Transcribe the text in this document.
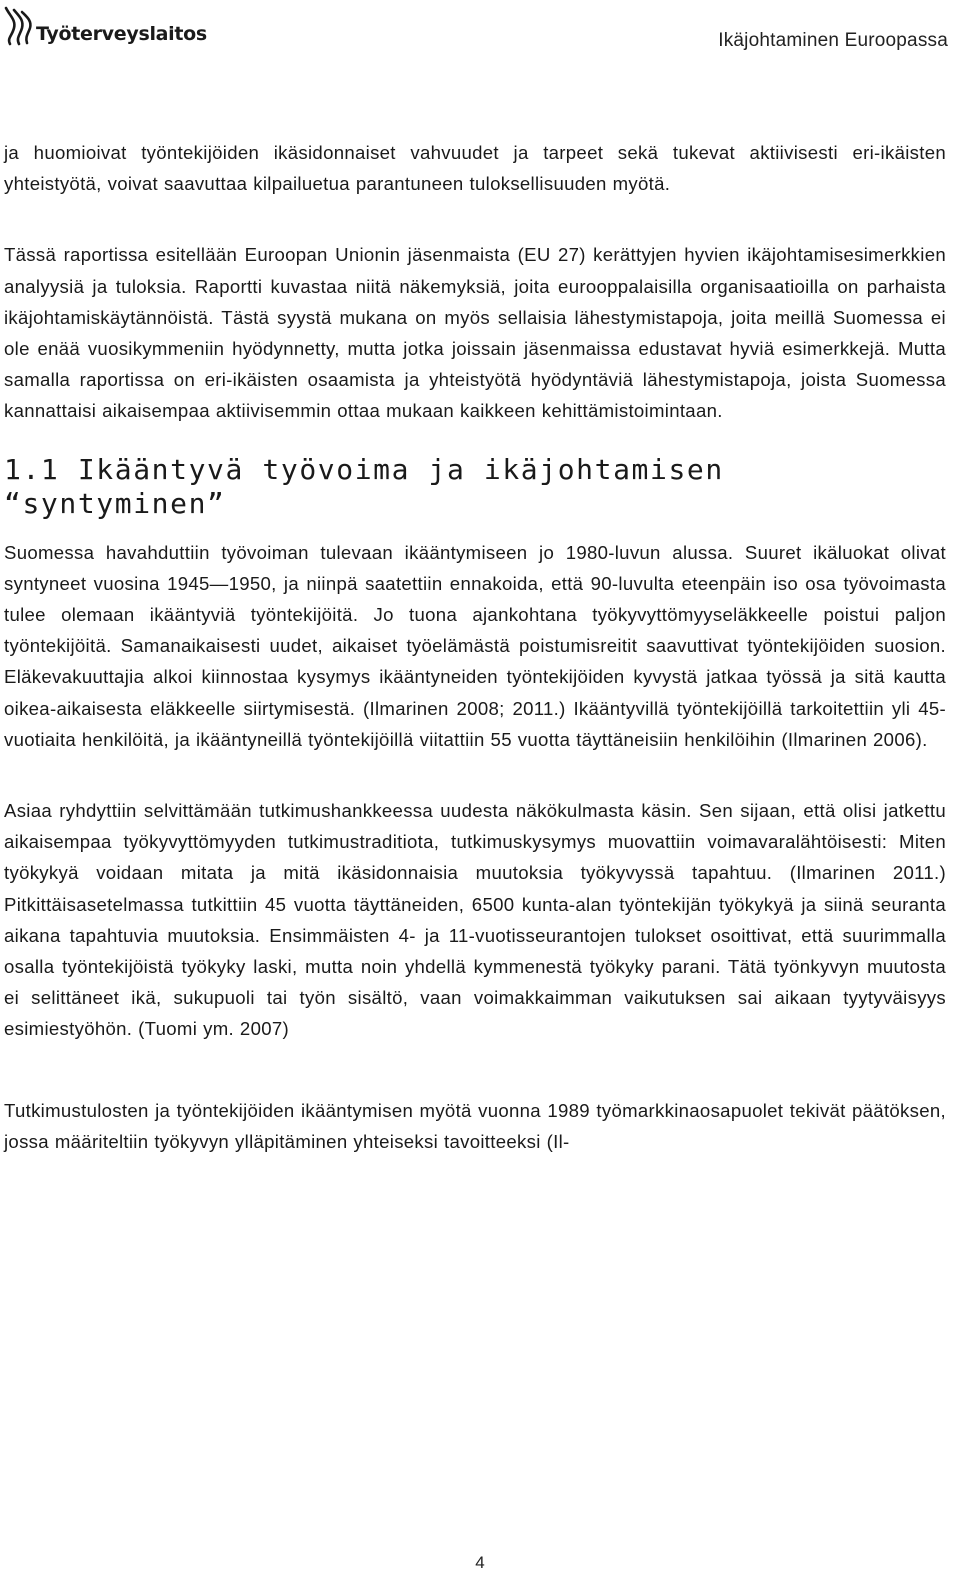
Työterveyslaitos	Ikäjohtaminen Euroopassa

ja huomioivat työntekijöiden ikäsidonnaiset vahvuudet ja tarpeet sekä tukevat aktiivisesti eri-ikäisten yhteistyötä, voivat saavuttaa kilpailuetua parantuneen tuloksellisuuden myötä.

Tässä raportissa esitellään Euroopan Unionin jäsenmaista (EU 27) kerättyjen hyvien ikäjohtamisesimerkkien analyysiä ja tuloksia. Raportti kuvastaa niitä näkemyksiä, joita eurooppalaisilla organisaatioilla on parhaista ikäjohtamiskäytännöistä. Tästä syystä mukana on myös sellaisia lähestymistapoja, joita meillä Suomessa ei ole enää vuosikymmeniin hyödynnetty, mutta jotka joissain jäsenmaissa edustavat hyviä esimerkkejä. Mutta samalla raportissa on eri-ikäisten osaamista ja yhteistyötä hyödyntäviä lähestymistapoja, joista Suomessa kannattaisi aikaisempaa aktiivisemmin ottaa mukaan kaikkeen kehittämistoimintaan.

1.1 Ikääntyvä työvoima ja ikäjohtamisen “syntyminen”

Suomessa havahduttiin työvoiman tulevaan ikääntymiseen jo 1980-luvun alussa. Suuret ikäluokat olivat syntyneet vuosina 1945—1950, ja niinpä saatettiin ennakoida, että 90-luvulta eteenpäin iso osa työvoimasta tulee olemaan ikääntyviä työntekijöitä. Jo tuona ajankohtana työkyvyttömyyseläkkeelle poistui paljon työntekijöitä. Samanaikaisesti uudet, aikaiset työelämästä poistumisreitit saavuttivat työntekijöiden suosion. Eläkevakuuttajia alkoi kiinnostaa kysymys ikääntyneiden työntekijöiden kyvystä jatkaa työssä ja sitä kautta oikea-aikaisesta eläkkeelle siirtymisestä. (Ilmarinen 2008; 2011.) Ikääntyvillä työntekijöillä tarkoitettiin yli 45-vuotiaita henkilöitä, ja ikääntyneillä työntekijöillä viitattiin 55 vuotta täyttäneisiin henkilöihin (Ilmarinen 2006).

Asiaa ryhdyttiin selvittämään tutkimushankkeessa uudesta näkökulmasta käsin. Sen sijaan, että olisi jatkettu aikaisempaa työkyvyttömyyden tutkimustraditiota, tutkimuskysymys muovattiin voimavaralähtöisesti: Miten työkykyä voidaan mitata ja mitä ikäsidonnaisia muutoksia työkyvyssä tapahtuu. (Ilmarinen 2011.) Pitkittäisasetelmassa tutkittiin 45 vuotta täyttäneiden, 6500 kunta-alan työntekijän työkykyä ja siinä seuranta aikana tapahtuvia muutoksia. Ensimmäisten 4- ja 11-vuotisseurantojen tulokset osoittivat, että suurimmalla osalla työntekijöistä työkyky laski, mutta noin yhdellä kymmenestä työkyky parani. Tätä työnkyvyn muutosta ei selittäneet ikä, sukupuoli tai työn sisältö, vaan voimakkaimman vaikutuksen sai aikaan tyytyväisyys esimiestyöhön. (Tuomi ym. 2007)

Tutkimustulosten ja työntekijöiden ikääntymisen myötä vuonna 1989 työmarkkinaosapuolet tekivät päätöksen, jossa määriteltiin työkyvyn ylläpitäminen yhteiseksi tavoitteeksi (Il-

4
